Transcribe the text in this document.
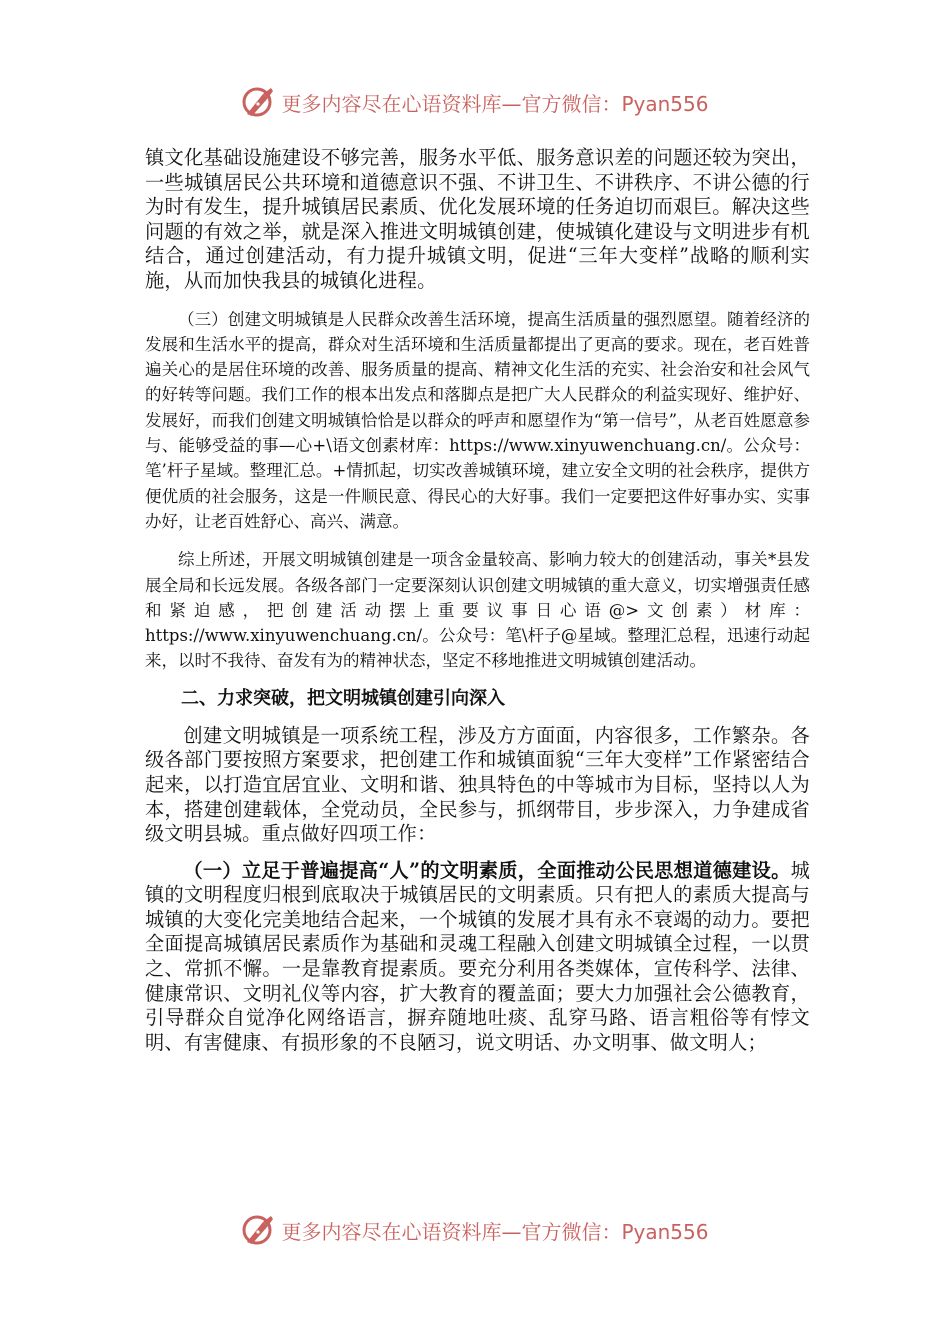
更多内容尽在心语资料库—官方微信：Pyan556

镇文化基础设施建设不够完善，服务水平低、服务意识差的问题还较为突出，一些城镇居民公共环境和道德意识不强、不讲卫生、不讲秩序、不讲公德的行为时有发生，提升城镇居民素质、优化发展环境的任务迫切而艰巨。解决这些问题的有效之举，就是深入推进文明城镇创建，使城镇化建设与文明进步有机结合，通过创建活动，有力提升城镇文明，促进“三年大变样”战略的顺利实施，从而加快我县的城镇化进程。

（三）创建文明城镇是人民群众改善生活环境，提高生活质量的强烈愿望。随着经济的发展和生活水平的提高，群众对生活环境和生活质量都提出了更高的要求。现在，老百姓普遍关心的是居住环境的改善、服务质量的提高、精神文化生活的充实、社会治安和社会风气的好转等问题。我们工作的根本出发点和落脚点是把广大人民群众的利益实现好、维护好、发展好，而我们创建文明城镇恰恰是以群众的呼声和愿望作为“第一信号”，从老百姓愿意参与、能够受益的事—心+\语文创素材库：https://www.xinyuwenchuang.cn/。公众号：笔’杆子星域。整理汇总。+情抓起，切实改善城镇环境，建立安全文明的社会秩序，提供方便优质的社会服务，这是一件顺民意、得民心的大好事。我们一定要把这件好事办实、实事办好，让老百姓舒心、高兴、满意。

综上所述，开展文明城镇创建是一项含金量较高、影响力较大的创建活动，事关*县发展全局和长远发展。各级各部门一定要深刻认识创建文明城镇的重大意义，切实增强责任感和紧迫感，把创建活动摆上重要议事日心语@>文创素）材库：https://www.xinyuwenchuang.cn/。公众号：笔\杆子@星域。整理汇总程，迅速行动起来，以时不我待、奋发有为的精神状态，坚定不移地推进文明城镇创建活动。

二、力求突破，把文明城镇创建引向深入

创建文明城镇是一项系统工程，涉及方方面面，内容很多，工作繁杂。各级各部门要按照方案要求，把创建工作和城镇面貌“三年大变样”工作紧密结合起来，以打造宜居宜业、文明和谐、独具特色的中等城市为目标，坚持以人为本，搭建创建载体，全党动员，全民参与，抓纲带目，步步深入，力争建成省级文明县城。重点做好四项工作：

（一）立足于普遍提高“人”的文明素质，全面推动公民思想道德建设。城镇的文明程度归根到底取决于城镇居民的文明素质。只有把人的素质大提高与城镇的大变化完美地结合起来，一个城镇的发展才具有永不衰竭的动力。要把全面提高城镇居民素质作为基础和灵魂工程融入创建文明城镇全过程，一以贯之、常抓不懈。一是靠教育提素质。要充分利用各类媒体，宣传科学、法律、健康常识、文明礼仪等内容，扩大教育的覆盖面；要大力加强社会公德教育，引导群众自觉净化网络语言，摒弃随地吐痰、乱穿马路、语言粗俗等有悖文明、有害健康、有损形象的不良陋习，说文明话、办文明事、做文明人；

更多内容尽在心语资料库—官方微信：Pyan556
